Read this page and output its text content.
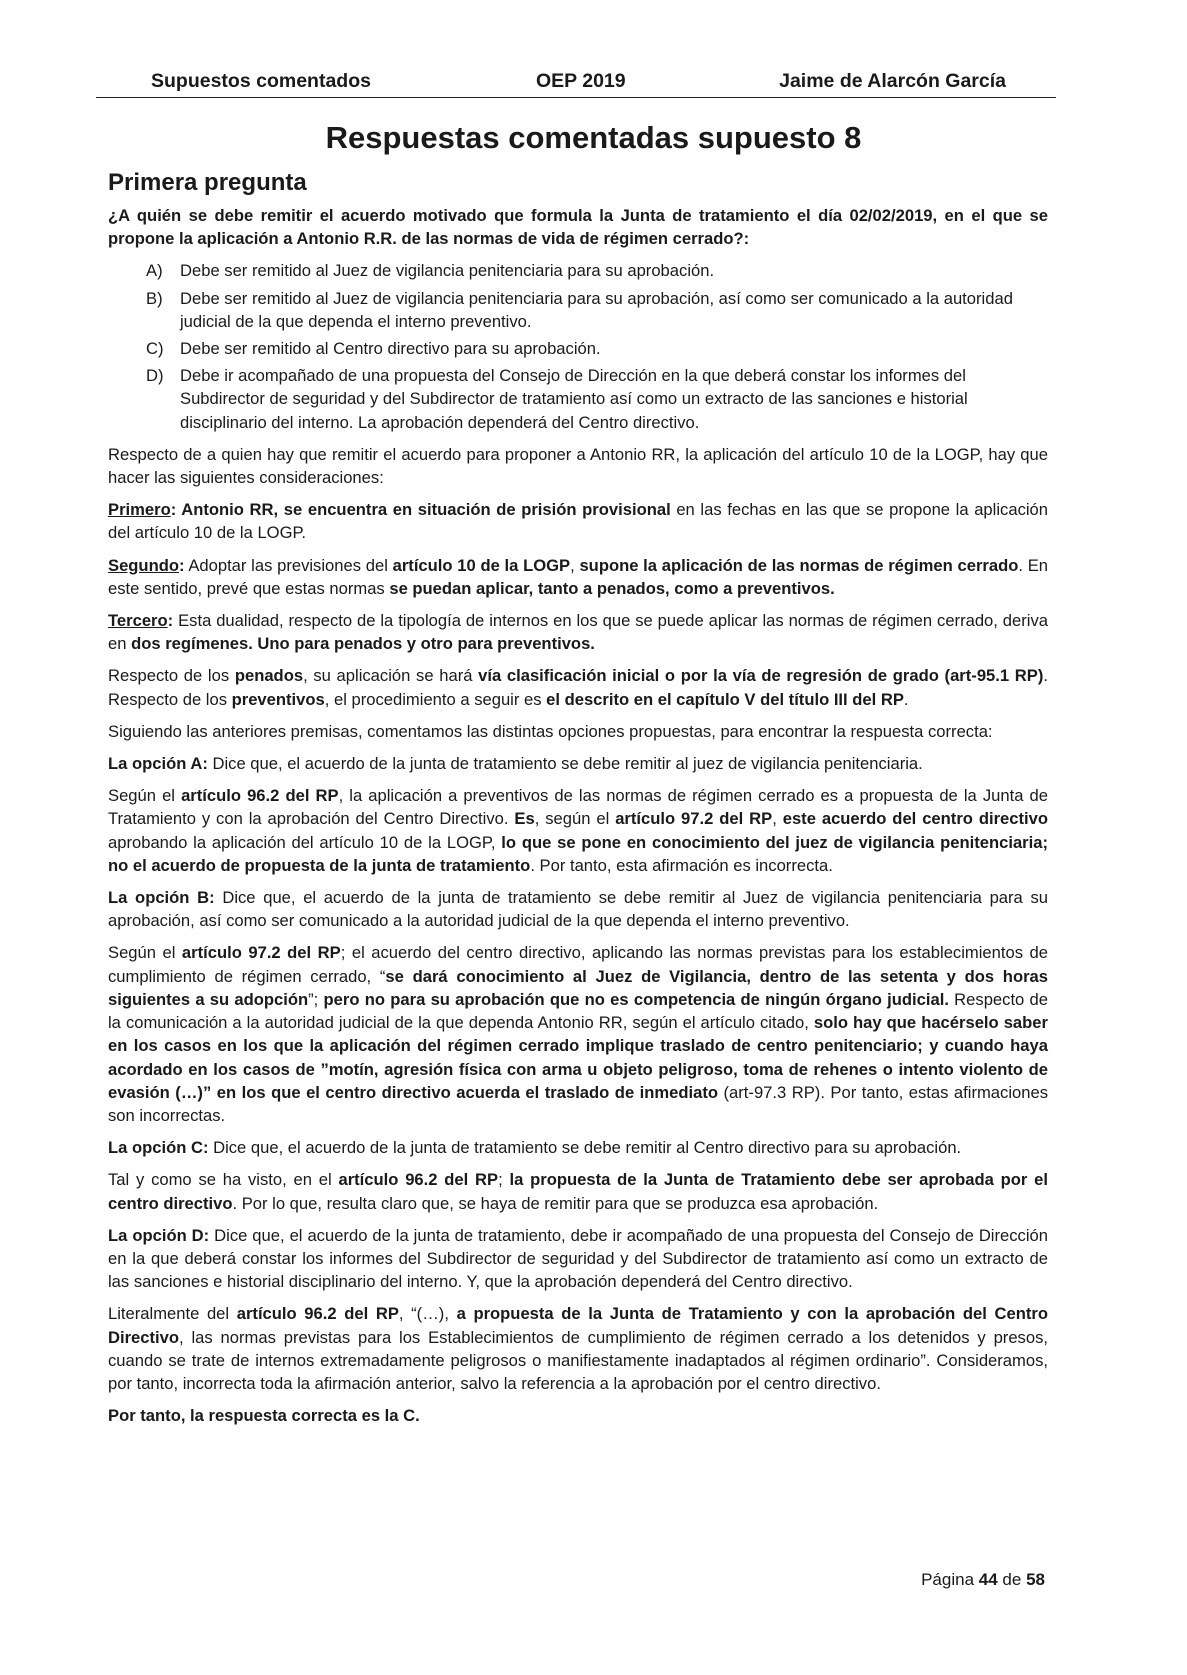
Supuestos comentados	OEP 2019	Jaime de Alarcón García
Respuestas comentadas supuesto 8
Primera pregunta

¿A quién se debe remitir el acuerdo motivado que formula la Junta de tratamiento el día 02/02/2019, en el que se propone la aplicación a Antonio R.R. de las normas de vida de régimen cerrado?:

A) Debe ser remitido al Juez de vigilancia penitenciaria para su aprobación.
B) Debe ser remitido al Juez de vigilancia penitenciaria para su aprobación, así como ser comunicado a la autoridad judicial de la que dependa el interno preventivo.
C) Debe ser remitido al Centro directivo para su aprobación.
D) Debe ir acompañado de una propuesta del Consejo de Dirección en la que deberá constar los informes del Subdirector de seguridad y del Subdirector de tratamiento así como un extracto de las sanciones e historial disciplinario del interno. La aprobación dependerá del Centro directivo.

Respecto de a quien hay que remitir el acuerdo para proponer a Antonio RR, la aplicación del artículo 10 de la LOGP, hay que hacer las siguientes consideraciones:

Primero: Antonio RR, se encuentra en situación de prisión provisional en las fechas en las que se propone la aplicación del artículo 10 de la LOGP.

Segundo: Adoptar las previsiones del artículo 10 de la LOGP, supone la aplicación de las normas de régimen cerrado. En este sentido, prevé que estas normas se puedan aplicar, tanto a penados, como a preventivos.

Tercero: Esta dualidad, respecto de la tipología de internos en los que se puede aplicar las normas de régimen cerrado, deriva en dos regímenes. Uno para penados y otro para preventivos.

Respecto de los penados, su aplicación se hará vía clasificación inicial o por la vía de regresión de grado (art-95.1 RP). Respecto de los preventivos, el procedimiento a seguir es el descrito en el capítulo V del título III del RP.

Siguiendo las anteriores premisas, comentamos las distintas opciones propuestas, para encontrar la respuesta correcta:

La opción A: Dice que, el acuerdo de la junta de tratamiento se debe remitir al juez de vigilancia penitenciaria.

Según el artículo 96.2 del RP, la aplicación a preventivos de las normas de régimen cerrado es a propuesta de la Junta de Tratamiento y con la aprobación del Centro Directivo. Es, según el artículo 97.2 del RP, este acuerdo del centro directivo aprobando la aplicación del artículo 10 de la LOGP, lo que se pone en conocimiento del juez de vigilancia penitenciaria; no el acuerdo de propuesta de la junta de tratamiento. Por tanto, esta afirmación es incorrecta.

La opción B: Dice que, el acuerdo de la junta de tratamiento se debe remitir al Juez de vigilancia penitenciaria para su aprobación, así como ser comunicado a la autoridad judicial de la que dependa el interno preventivo.

Según el artículo 97.2 del RP; el acuerdo del centro directivo, aplicando las normas previstas para los establecimientos de cumplimiento de régimen cerrado, “se dará conocimiento al Juez de Vigilancia, dentro de las setenta y dos horas siguientes a su adopción”; pero no para su aprobación que no es competencia de ningún órgano judicial. Respecto de la comunicación a la autoridad judicial de la que dependa Antonio RR, según el artículo citado, solo hay que hacérselo saber en los casos en los que la aplicación del régimen cerrado implique traslado de centro penitenciario; y cuando haya acordado en los casos de ”motín, agresión física con arma u objeto peligroso, toma de rehenes o intento violento de evasión (…)” en los que el centro directivo acuerda el traslado de inmediato (art-97.3 RP). Por tanto, estas afirmaciones son incorrectas.

La opción C: Dice que, el acuerdo de la junta de tratamiento se debe remitir al Centro directivo para su aprobación.

Tal y como se ha visto, en el artículo 96.2 del RP; la propuesta de la Junta de Tratamiento debe ser aprobada por el centro directivo. Por lo que, resulta claro que, se haya de remitir para que se produzca esa aprobación.

La opción D: Dice que, el acuerdo de la junta de tratamiento, debe ir acompañado de una propuesta del Consejo de Dirección en la que deberá constar los informes del Subdirector de seguridad y del Subdirector de tratamiento así como un extracto de las sanciones e historial disciplinario del interno. Y, que la aprobación dependerá del Centro directivo.

Literalmente del artículo 96.2 del RP, “(…), a propuesta de la Junta de Tratamiento y con la aprobación del Centro Directivo, las normas previstas para los Establecimientos de cumplimiento de régimen cerrado a los detenidos y presos, cuando se trate de internos extremadamente peligrosos o manifiestamente inadaptados al régimen ordinario”. Consideramos, por tanto, incorrecta toda la afirmación anterior, salvo la referencia a la aprobación por el centro directivo.

Por tanto, la respuesta correcta es la C.

Página 44 de 58
